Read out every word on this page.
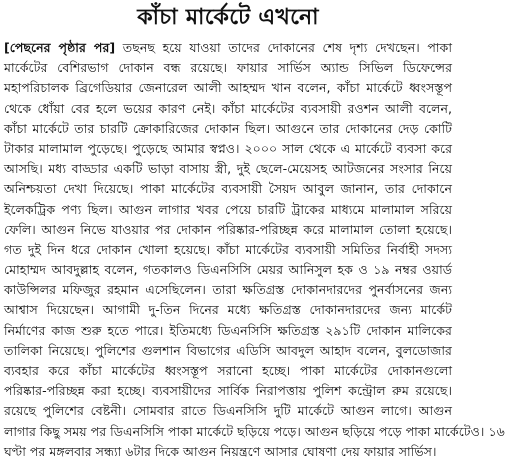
কাঁচা মার্কেটে এখনো
[পেছনের পৃষ্ঠার পর] তছনছ হয়ে যাওয়া তাদের দোকানের শেষ দৃশ্য দেখছেন। পাকা
মার্কেটের বেশিরভাগ দোকান বন্ধ রয়েছে। ফায়ার সার্ভিস অ্যান্ড সিভিল ডিফেন্সের
মহাপরিচালক ব্রিগেডিয়ার জেনারেল আলী আহম্মদ খান বলেন, কাঁচা মার্কেটে ধ্বংসস্তূপ
থেকে ধোঁয়া বের হলে ভয়ের কারণ নেই। কাঁচা মার্কেটের ব্যবসায়ী রওশন আলী বলেন,
কাঁচা মার্কেটে তার চারটি ক্রোকারিজের দোকান ছিল। আগুনে তার দোকানের দেড় কোটি
টাকার মালামাল পুড়েছে। পুড়েছে আমার স্বপ্নও। ২০০০ সাল থেকে এ মার্কেটে ব্যবসা করে
আসছি। মধ্য বাড্ডার একটি ভাড়া বাসায় স্ত্রী, দুই ছেলে-মেয়েসহ আটজনের সংসার নিয়ে
অনিশ্চয়তা দেখা দিয়েছে। পাকা মার্কেটের ব্যবসায়ী সৈয়দ আবুল জানান, তার দোকানে
ইলেকট্রিক পণ্য ছিল। আগুন লাগার খবর পেয়ে চারটি ট্রাকের মাধ্যমে মালামাল সরিয়ে
ফেলি। আগুন নিভে যাওয়ার পর দোকান পরিষ্কার-পরিচ্ছন্ন করে মালামাল তোলা হয়েছে।
গত দুই দিন ধরে দোকান খোলা হয়েছে। কাঁচা মার্কেটের ব্যবসায়ী সমিতির নির্বাহী সদস্য
মোহাম্মদ আবদুল্লাহ বলেন, গতকালও ডিএনসিসি মেয়র আনিসুল হক ও ১৯ নম্বর ওয়ার্ড
কাউন্সিলর মফিজুর রহমান এসেছিলেন। তারা ক্ষতিগ্রস্ত দোকানদারদের পুনর্বাসনের জন্য
আশ্বাস দিয়েছেন। আগামী দু-তিন দিনের মধ্যে ক্ষতিগ্রস্ত দোকানদারদের জন্য মার্কেট
নির্মাণের কাজ শুরু হতে পারে। ইতিমধ্যে ডিএনসিসি ক্ষতিগ্রস্ত ২৯১টি দোকান মালিকের
তালিকা নিয়েছে। পুলিশের গুলশান বিভাগের এডিসি আবদুল আহাদ বলেন, বুলডোজার
ব্যবহার করে কাঁচা মার্কেটের ধ্বংসস্তূপ সরানো হচ্ছে। পাকা মার্কেটের দোকানগুলো
পরিষ্কার-পরিচ্ছন্ন করা হচ্ছে। ব্যবসায়ীদের সার্বিক নিরাপত্তায় পুলিশ কন্ট্রোল রুম রয়েছে।
রয়েছে পুলিশের বেষ্টনী। সোমবার রাতে ডিএনসিসি দুটি মার্কেটে আগুন লাগে। আগুন
লাগার কিছু সময় পর ডিএনসিসি পাকা মার্কেটে ছড়িয়ে পড়ে। আগুন ছড়িয়ে পড়ে পাকা মার্কেটেও। ১৬
ঘণ্টা পর মঙ্গলবার সন্ধ্যা ৬টার দিকে আগুন নিয়ন্ত্রণে আসার ঘোষণা দেয় ফায়ার সার্ভিস।
